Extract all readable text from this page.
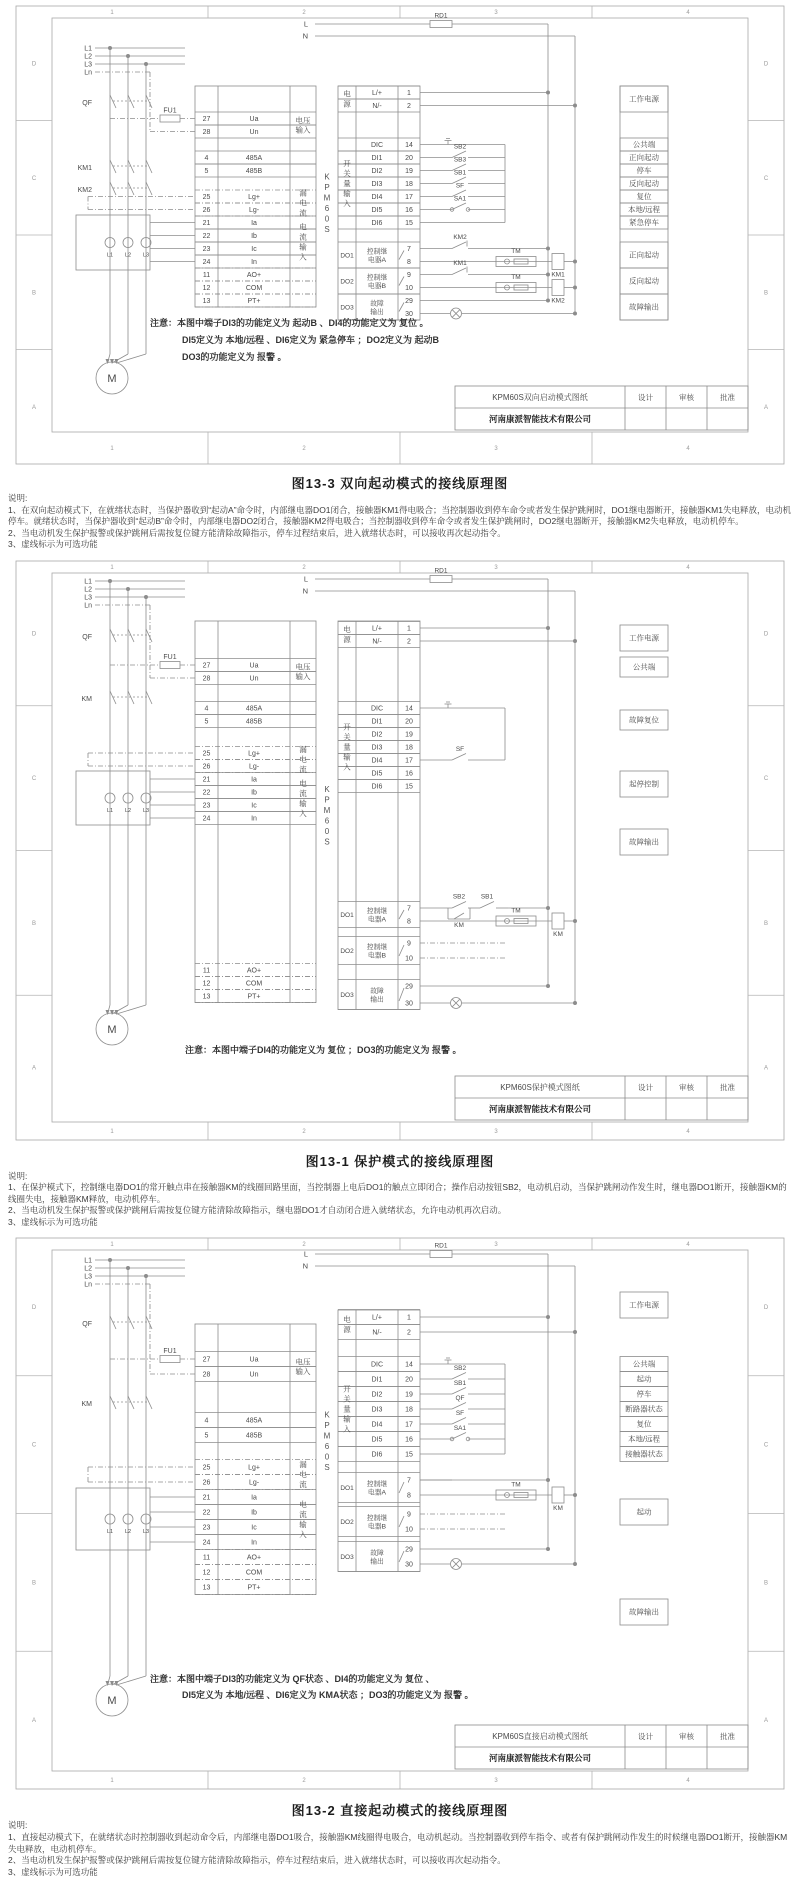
1
1
2
2
3
3
4
4
A	A
B	B
C	C
D	D
L1
L2
L3
Ln
QF
KM1
KM2
FU1
L1 L2 L3
M
27	Ua
28	Un
4	485A
5	485B
25	Lg+
26	Lg-
21	Ia
22	Ib
23	Ic
24	In
11	AO+
12	COM
13	PT+
电压
输入
漏电流
电流输入
K P M 6 0 S
L/+	1
N/-	2
电源
DIC	14
DI1	20
DI2	19
DI3	18
DI4	17
DI5	16
DI6	15
开关量输入
DO1
控制继
电器A
7
8
DO2
控制继
电器B
9
10
DO3
故障
输出
29
30
L
N
RD1
SB2
SB3
SB1
SF
SA1
KM2
TM
KM1
KM1
TM
KM2
工作电源
公共端
正向起动
停车
反向起动
复位
本地/远程
紧急停车
正向起动
反向起动
故障输出
注意：本图中端子DI3的功能定义为 起动B 、DI4的功能定义为 复位 。
DI5定义为 本地/远程 、DI6定义为 紧急停车 ；DO2定义为 起动B
DO3的功能定义为 报警 。
KPM60S双向启动模式图纸	设计	审核	批准
河南康派智能技术有限公司
图13-3 双向起动模式的接线原理图
说明:
1、在双向起动模式下，在就绪状态时，当保护器收到“起动A”命令时，内部继电器DO1闭合，接触器KM1得电吸合；当控制器收到停车命令或者发生保护跳闸时，DO1继电器断开，接触器KM1失电释放，电动机停车。就绪状态时，当保护器收到“起动B”命令时，内部继电器DO2闭合，接触器KM2得电吸合；当控制器收到停车命令或者发生保护跳闸时，DO2继电器断开，接触器KM2失电释放，电动机停车。
2、当电动机发生保护报警或保护跳闸后需按复位键方能清除故障指示，停车过程结束后，进入就绪状态时，可以接收再次起动指令。
3、虚线标示为可选功能
1
1
2
2
3
3
4
4
A	A
B	B
C	C
D	D
L1
L2
L3
Ln
QF
KM
FU1
L1 L2 L3
M
27	Ua
28	Un
4	485A
5	485B
25	Lg+
26	Lg-
21	Ia
22	Ib
23	Ic
24	In
11	AO+
12	COM
13	PT+
电压
输入
漏电流
电流输入
K P M 6 0 S
L/+	1
N/-	2
电源
DIC	14
DI1	20
DI2	19
DI3	18
DI4	17
DI5	16
DI6	15
开关量输入
DO1
控制继
电器A
7
8
DO2
控制继
电器B
9
10
DO3
故障
输出
29
30
L
N
RD1
SF
SB2
KM
SB1
TM
KM
工作电源
公共端
故障复位
起停控制
故障输出
注意：本图中端子DI4的功能定义为 复位 ；DO3的功能定义为 报警 。
KPM60S保护模式图纸	设计	审核	批准
河南康派智能技术有限公司
图13-1 保护模式的接线原理图
说明:
1、在保护模式下，控制继电器DO1的常开触点串在接触器KM的线圈回路里面，当控制器上电后DO1的触点立即闭合；操作启动按钮SB2，电动机启动，当保护跳闸动作发生时，继电器DO1断开，接触器KM的线圈失电，接触器KM释放，电动机停车。
2、当电动机发生保护报警或保护跳闸后需按复位键方能清除故障指示，继电器DO1才自动闭合进入就绪状态，允许电动机再次启动。
3、虚线标示为可选功能
1
1
2
2
3
3
4
4
A	A
B	B
C	C
D	D
L1
L2
L3
Ln
QF
KM
FU1
L1 L2 L3
M
27	Ua
28	Un
4	485A
5	485B
25	Lg+
26	Lg-
21	Ia
22	Ib
23	Ic
24	In
11	AO+
12	COM
13	PT+
电压
输入
漏电流
电流输入
K P M 6 0 S
L/+	1
N/-	2
电源
DIC	14
DI1	20
DI2	19
DI3	18
DI4	17
DI5	16
DI6	15
开关量输入
DO1
控制继
电器A
7
8
DO2
控制继
电器B
9
10
DO3
故障
输出
29
30
L
N
RD1
SB2
SB1
QF
SF
SA1
TM
KM
工作电源
公共端
起动
停车
断路器状态
复位
本地/远程
接触器状态
起动
故障输出
注意：本图中端子DI3的功能定义为 QF状态 、DI4的功能定义为 复位 、
DI5定义为 本地/远程 、DI6定义为 KMA状态 ；DO3的功能定义为 报警 。
KPM60S直接启动模式图纸	设计	审核	批准
河南康派智能技术有限公司
图13-2 直接起动模式的接线原理图
说明:
1、直接起动模式下，在就绪状态时控制器收到起动命令后，内部继电器DO1吸合，接触器KM线圈得电吸合，电动机起动。当控制器收到停车指令、或者有保护跳闸动作发生的时候继电器DO1断开，接触器KM失电释放，电动机停车。
2、当电动机发生保护报警或保护跳闸后需按复位键方能清除故障指示，停车过程结束后，进入就绪状态时，可以接收再次起动指令。
3、虚线标示为可选功能
